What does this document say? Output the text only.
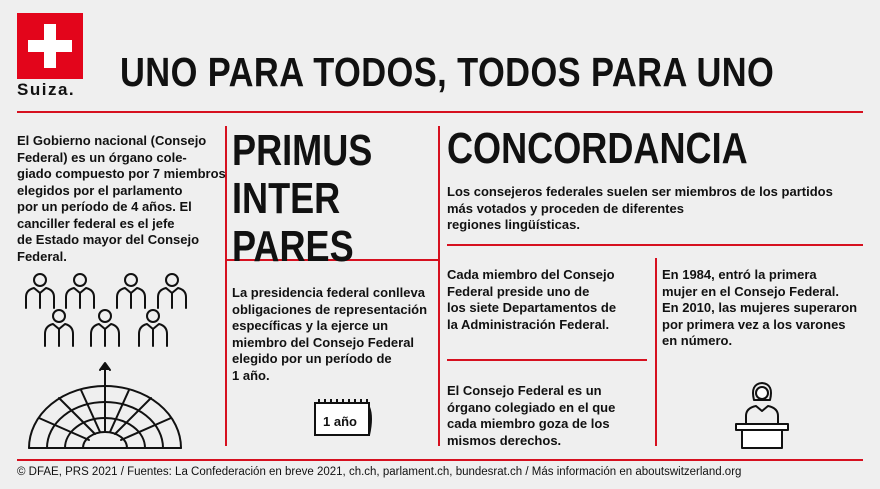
Suiza. UNO PARA TODOS, TODOS PARA UNO
El Gobierno nacional (Consejo
Federal) es un órgano cole-
giado compuesto por 7 miembros
elegidos por el parlamento
por un período de 4 años. El
canciller federal es el jefe
de Estado mayor del Consejo
Federal.
PRIMUS
INTER
PARES
La presidencia federal conlleva
obligaciones de representación
específicas y la ejerce un
miembro del Consejo Federal
elegido por un período de
1 año.
1 año
CONCORDANCIA
Los consejeros federales suelen ser miembros de los partidos
más votados y proceden de diferentes
regiones lingüísticas.
Cada miembro del Consejo
Federal preside uno de
los siete Departamentos de
la Administración Federal.
El Consejo Federal es un
órgano colegiado en el que
cada miembro goza de los
mismos derechos.
En 1984, entró la primera
mujer en el Consejo Federal.
En 2010, las mujeres superaron
por primera vez a los varones
en número.
© DFAE, PRS 2021 / Fuentes: La Confederación en breve 2021, ch.ch, parlament.ch, bundesrat.ch / Más información en aboutswitzerland.org
